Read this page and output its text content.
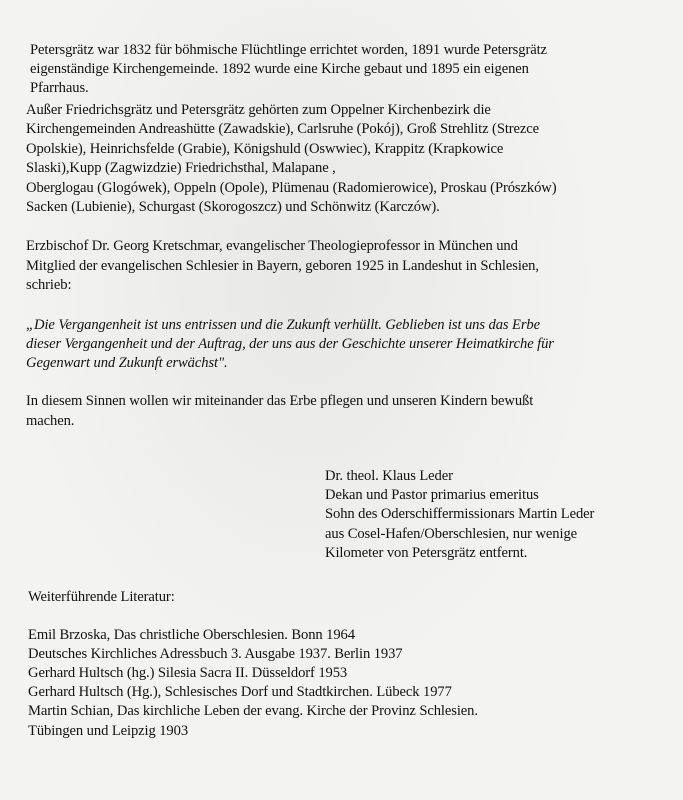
Petersgrätz war 1832 für böhmische Flüchtlinge errichtet worden, 1891 wurde Petersgrätz
eigenständige Kirchengemeinde. 1892 wurde eine Kirche gebaut und 1895 ein eigenen
Pfarrhaus.
Außer Friedrichsgrätz und Petersgrätz gehörten zum Oppelner Kirchenbezirk die
Kirchengemeinden Andreashütte (Zawadskie), Carlsruhe (Pokój), Groß Strehlitz (Strezce
Opolskie), Heinrichsfelde (Grabie), Königshuld (Oswwiec), Krappitz (Krapkowice
Slaski),Kupp (Zagwizdzie) Friedrichsthal, Malapane ,
Oberglogau (Glogówek), Oppeln (Opole), Plümenau (Radomierowice), Proskau (Prószków)
Sacken (Lubienie), Schurgast (Skorogoszcz) und Schönwitz (Karczów).
Erzbischof Dr. Georg Kretschmar, evangelischer Theologieprofessor in München und
Mitglied der evangelischen Schlesier in Bayern, geboren 1925 in Landeshut in Schlesien,
schrieb:
„Die Vergangenheit ist uns entrissen und die Zukunft verhüllt. Geblieben ist uns das Erbe
dieser Vergangenheit und der Auftrag, der uns aus der Geschichte unserer Heimatkirche für
Gegenwart und Zukunft erwächst".
In diesem Sinnen wollen wir miteinander das Erbe pflegen und unseren Kindern bewußt
machen.
Dr. theol. Klaus Leder
Dekan und Pastor primarius emeritus
Sohn des Oderschiffermissionars Martin Leder
aus Cosel-Hafen/Oberschlesien, nur wenige
Kilometer von Petersgrätz entfernt.
Weiterführende Literatur:
Emil Brzoska, Das christliche Oberschlesien. Bonn 1964
Deutsches Kirchliches Adressbuch 3. Ausgabe 1937. Berlin 1937
Gerhard Hultsch (hg.) Silesia Sacra II. Düsseldorf 1953
Gerhard Hultsch (Hg.), Schlesisches Dorf und Stadtkirchen. Lübeck 1977
Martin Schian, Das kirchliche Leben der evang. Kirche der Provinz Schlesien.
Tübingen und Leipzig 1903
